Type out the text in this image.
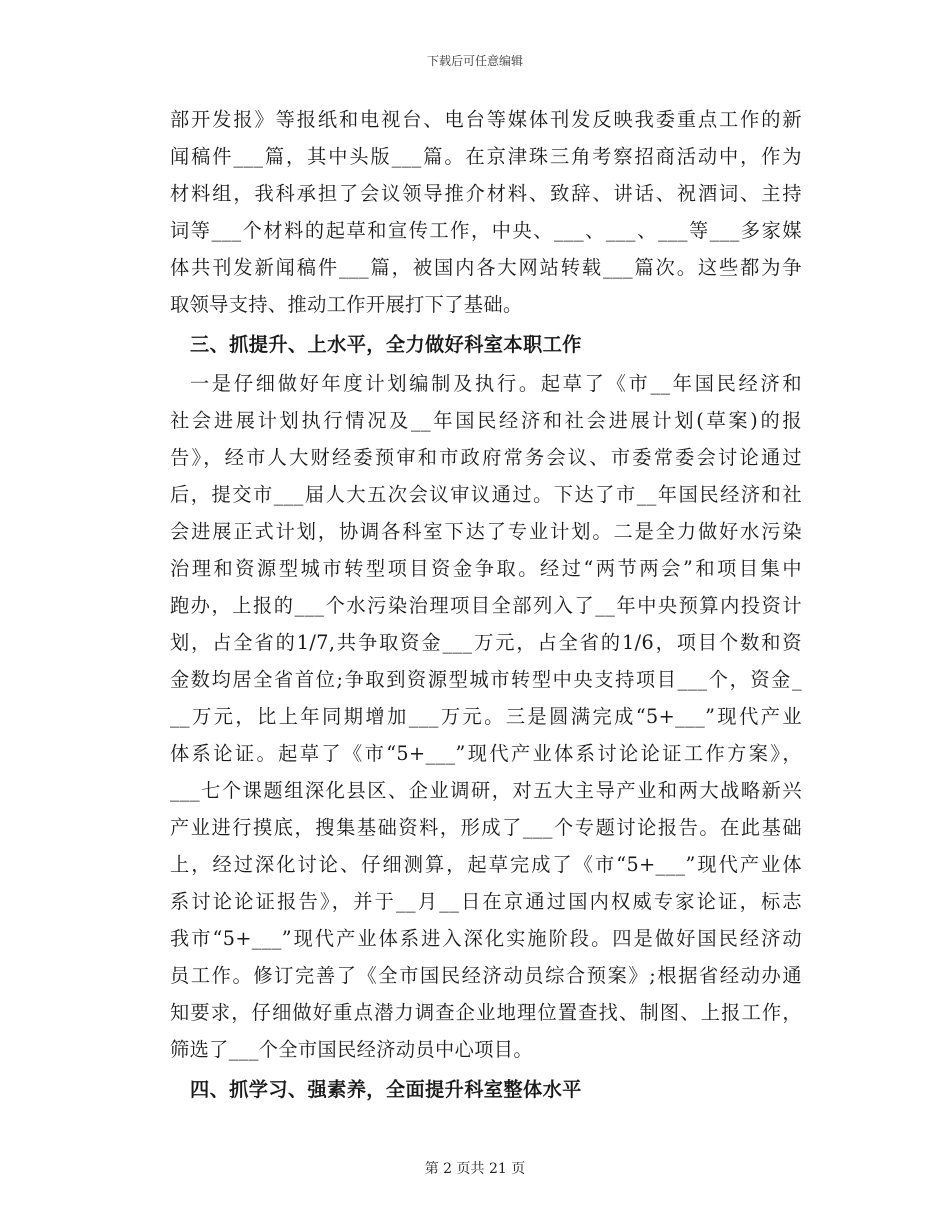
下载后可任意编辑
部开发报》等报纸和电视台、电台等媒体刊发反映我委重点工作的新
闻稿件___篇，其中头版___篇。在京津珠三角考察招商活动中，作为
材料组，我科承担了会议领导推介材料、致辞、讲话、祝酒词、主持
词等___个材料的起草和宣传工作，中央、___、___、___等___多家媒
体共刊发新闻稿件___篇，被国内各大网站转载___篇次。这些都为争
取领导支持、推动工作开展打下了基础。
三、抓提升、上水平，全力做好科室本职工作
一是仔细做好年度计划编制及执行。起草了《市__年国民经济和
社会进展计划执行情况及__年国民经济和社会进展计划(草案)的报
告》，经市人大财经委预审和市政府常务会议、市委常委会讨论通过
后，提交市___届人大五次会议审议通过。下达了市__年国民经济和社
会进展正式计划，协调各科室下达了专业计划。二是全力做好水污染
治理和资源型城市转型项目资金争取。经过“两节两会”和项目集中
跑办，上报的___个水污染治理项目全部列入了__年中央预算内投资计
划，占全省的1/7,共争取资金___万元，占全省的1/6，项目个数和资
金数均居全省首位;争取到资源型城市转型中央支持项目___个，资金_
__万元，比上年同期增加___万元。三是圆满完成“5+___”现代产业
体系论证。起草了《市“5+___”现代产业体系讨论论证工作方案》，
___七个课题组深化县区、企业调研，对五大主导产业和两大战略新兴
产业进行摸底，搜集基础资料，形成了___个专题讨论报告。在此基础
上，经过深化讨论、仔细测算，起草完成了《市“5+___”现代产业体
系讨论论证报告》，并于__月__日在京通过国内权威专家论证，标志
我市“5+___”现代产业体系进入深化实施阶段。四是做好国民经济动
员工作。修订完善了《全市国民经济动员综合预案》;根据省经动办通
知要求，仔细做好重点潜力调查企业地理位置查找、制图、上报工作，
筛选了___个全市国民经济动员中心项目。
四、抓学习、强素养，全面提升科室整体水平
第 2 页共 21 页
